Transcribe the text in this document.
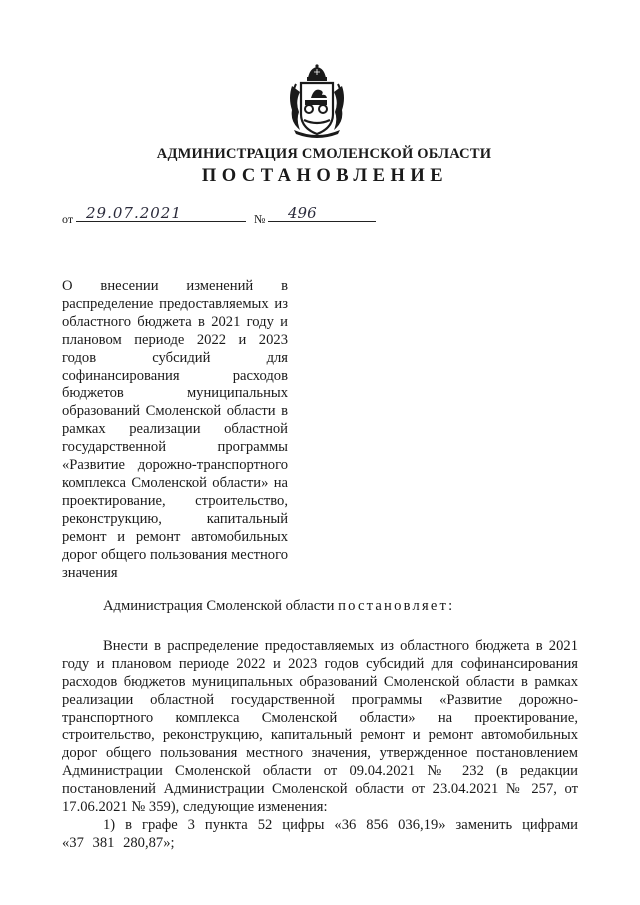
АДМИНИСТРАЦИЯ СМОЛЕНСКОЙ ОБЛАСТИ
ПОСТАНОВЛЕНИЕ
от 29.07.2021	№	496
О внесении изменений в распределение предоставляемых из областного бюджета в 2021 году и плановом периоде 2022 и 2023 годов субсидий для софинансирования расходов бюджетов муниципальных образований Смоленской области в рамках реализации областной государственной программы «Развитие дорожно-транспортного комплекса Смоленской области» на проектирование, строительство, реконструкцию, капитальный ремонт и ремонт автомобильных дорог общего пользования местного значения

Администрация Смоленской области постановляет:

Внести в распределение предоставляемых из областного бюджета в 2021 году и плановом периоде 2022 и 2023 годов субсидий для софинансирования расходов бюджетов муниципальных образований Смоленской области в рамках реализации областной государственной программы «Развитие дорожно-транспортного комплекса Смоленской области» на проектирование, строительство, реконструкцию, капитальный ремонт и ремонт автомобильных дорог общего пользования местного значения, утвержденное постановлением Администрации Смоленской области от 09.04.2021 № 232 (в редакции постановлений Администрации Смоленской области от 23.04.2021 № 257, от 17.06.2021 № 359), следующие изменения:

1) в графе 3 пункта 52 цифры «36 856 036,19» заменить цифрами «37 381 280,87»;
